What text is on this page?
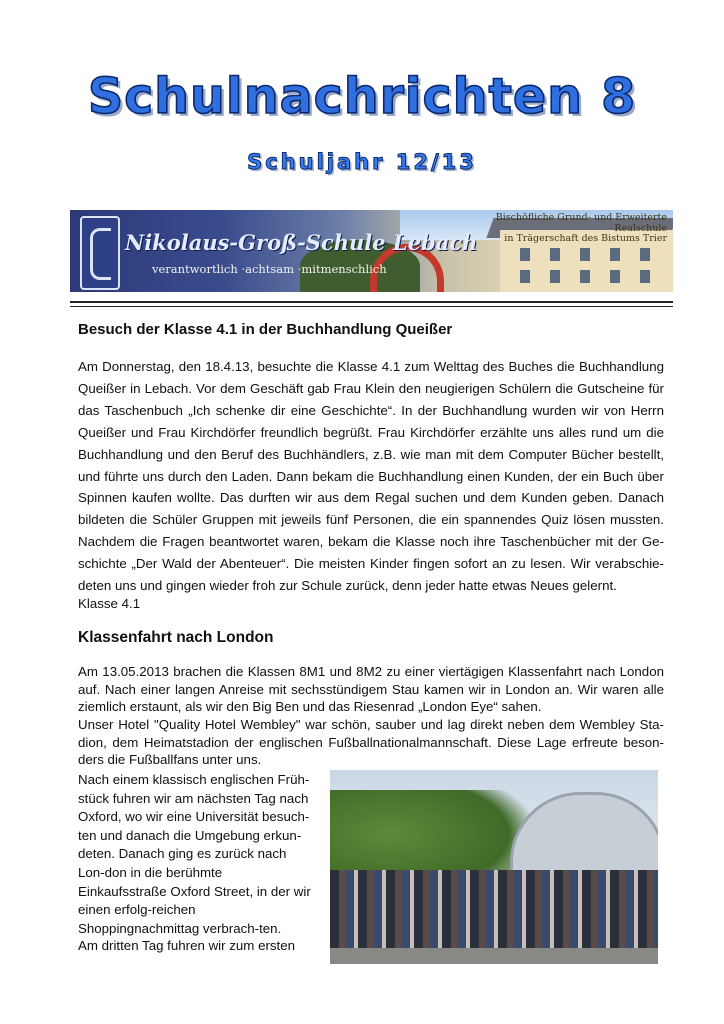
Schulnachrichten 8
Schuljahr 12/13
Nikolaus-Groß-Schule Lebach
verantwortlich ·achtsam ·mitmenschlich
Bischöfliche Grund- und Erweiterte Realschule
in Trägerschaft des Bistums Trier
Besuch der Klasse 4.1 in der Buchhandlung Queißer
Am Donnerstag, den 18.4.13, besuchte die Klasse 4.1 zum Welttag des Buches die Buchhandlung Queißer in Lebach. Vor dem Geschäft gab Frau Klein den neugierigen Schülern die Gutscheine für das Taschenbuch „Ich schenke dir eine Geschichte“. In der Buchhandlung wurden wir von Herrn Queißer und Frau Kirchdörfer freundlich begrüßt. Frau Kirchdörfer erzählte uns alles rund um die Buchhandlung und den Beruf des Buchhändlers, z.B. wie man mit dem Computer Bücher bestellt, und führte uns durch den Laden. Dann bekam die Buchhandlung einen Kunden, der ein Buch über Spinnen kaufen wollte. Das durften wir aus dem Regal suchen und dem Kunden geben. Danach bildeten die Schüler Gruppen mit jeweils fünf Personen, die ein spannendes Quiz lösen mussten. Nachdem die Fragen beantwortet waren, bekam die Klasse noch ihre Taschenbücher mit der Ge-schichte „Der Wald der Abenteuer“. Die meisten Kinder fingen sofort an zu lesen. Wir verabschie-deten uns und gingen wieder froh zur Schule zurück, denn jeder hatte etwas Neues gelernt.
Klasse 4.1
Klassenfahrt nach London
Am 13.05.2013 brachen die Klassen 8M1 und 8M2 zu einer viertägigen Klassenfahrt nach London auf. Nach einer langen Anreise mit sechsstündigem Stau kamen wir in London an. Wir waren alle ziemlich erstaunt, als wir den Big Ben und das Riesenrad „London Eye“ sahen.
Unser Hotel "Quality Hotel Wembley" war schön, sauber und lag direkt neben dem Wembley Sta-dion, dem Heimatstadion der englischen Fußballnationalmannschaft. Diese Lage erfreute beson-ders die Fußballfans unter uns.
Nach einem klassisch englischen Früh-stück fuhren wir am nächsten Tag nach Oxford, wo wir eine Universität besuch-ten und danach die Umgebung erkun-deten. Danach ging es zurück nach Lon-don in die berühmte Einkaufsstraße Oxford Street, in der wir einen erfolg-reichen Shoppingnachmittag verbrach-ten.
Am dritten Tag fuhren wir zum ersten
